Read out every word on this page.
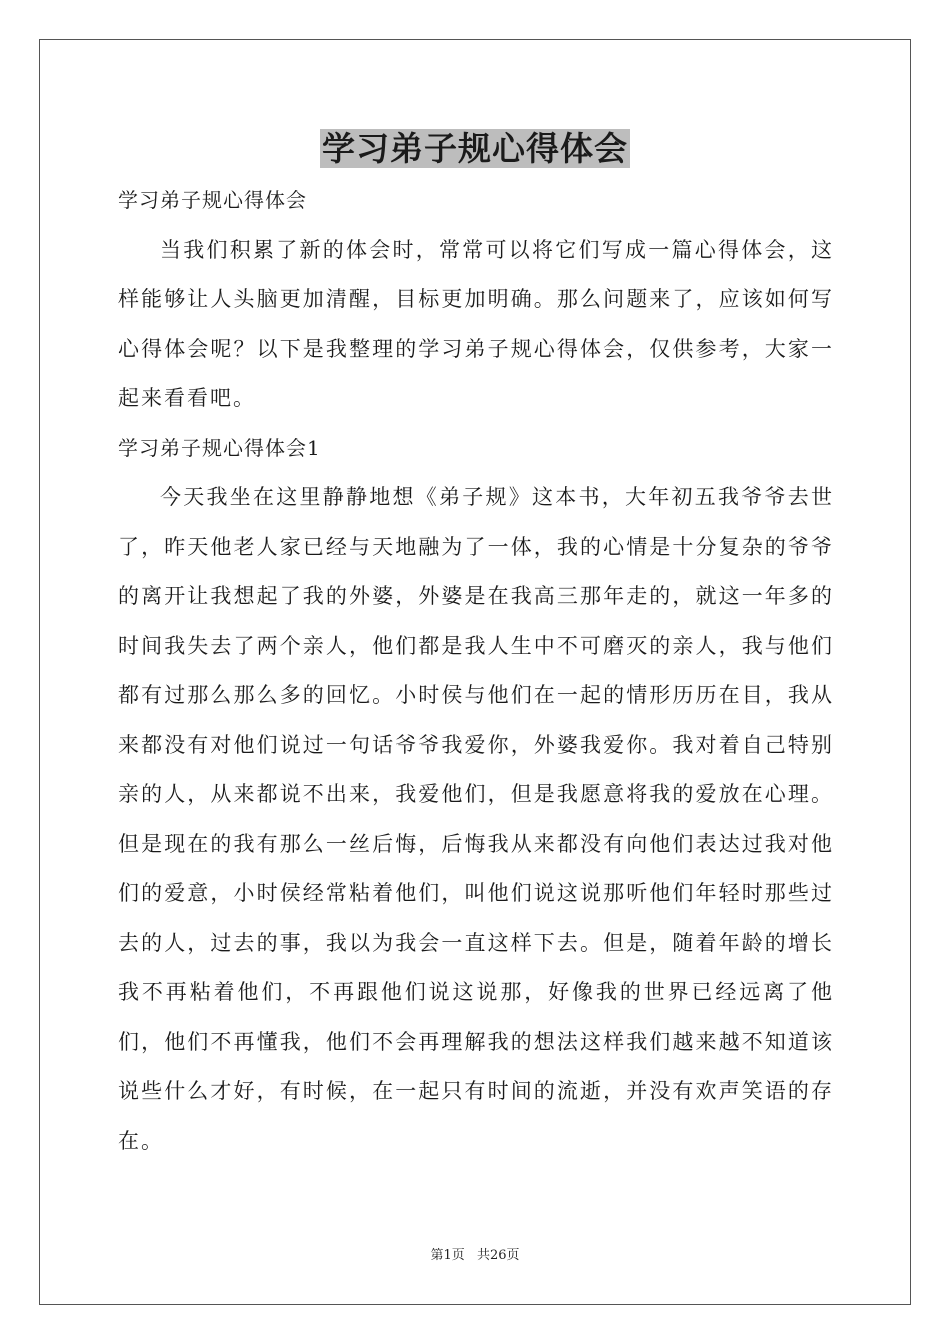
学习弟子规心得体会

学习弟子规心得体会

当我们积累了新的体会时，常常可以将它们写成一篇心得体会，这样能够让人头脑更加清醒，目标更加明确。那么问题来了，应该如何写心得体会呢？以下是我整理的学习弟子规心得体会，仅供参考，大家一起来看看吧。

学习弟子规心得体会1

今天我坐在这里静静地想《弟子规》这本书，大年初五我爷爷去世了，昨天他老人家已经与天地融为了一体，我的心情是十分复杂的爷爷的离开让我想起了我的外婆，外婆是在我高三那年走的，就这一年多的时间我失去了两个亲人，他们都是我人生中不可磨灭的亲人，我与他们都有过那么那么多的回忆。小时侯与他们在一起的情形历历在目，我从来都没有对他们说过一句话爷爷我爱你，外婆我爱你。我对着自己特别亲的人，从来都说不出来，我爱他们，但是我愿意将我的爱放在心理。但是现在的我有那么一丝后悔，后悔我从来都没有向他们表达过我对他们的爱意，小时侯经常粘着他们，叫他们说这说那听他们年轻时那些过去的人，过去的事，我以为我会一直这样下去。但是，随着年龄的增长我不再粘着他们，不再跟他们说这说那，好像我的世界已经远离了他们，他们不再懂我，他们不会再理解我的想法这样我们越来越不知道该说些什么才好，有时候，在一起只有时间的流逝，并没有欢声笑语的存在。

第1页 共26页
